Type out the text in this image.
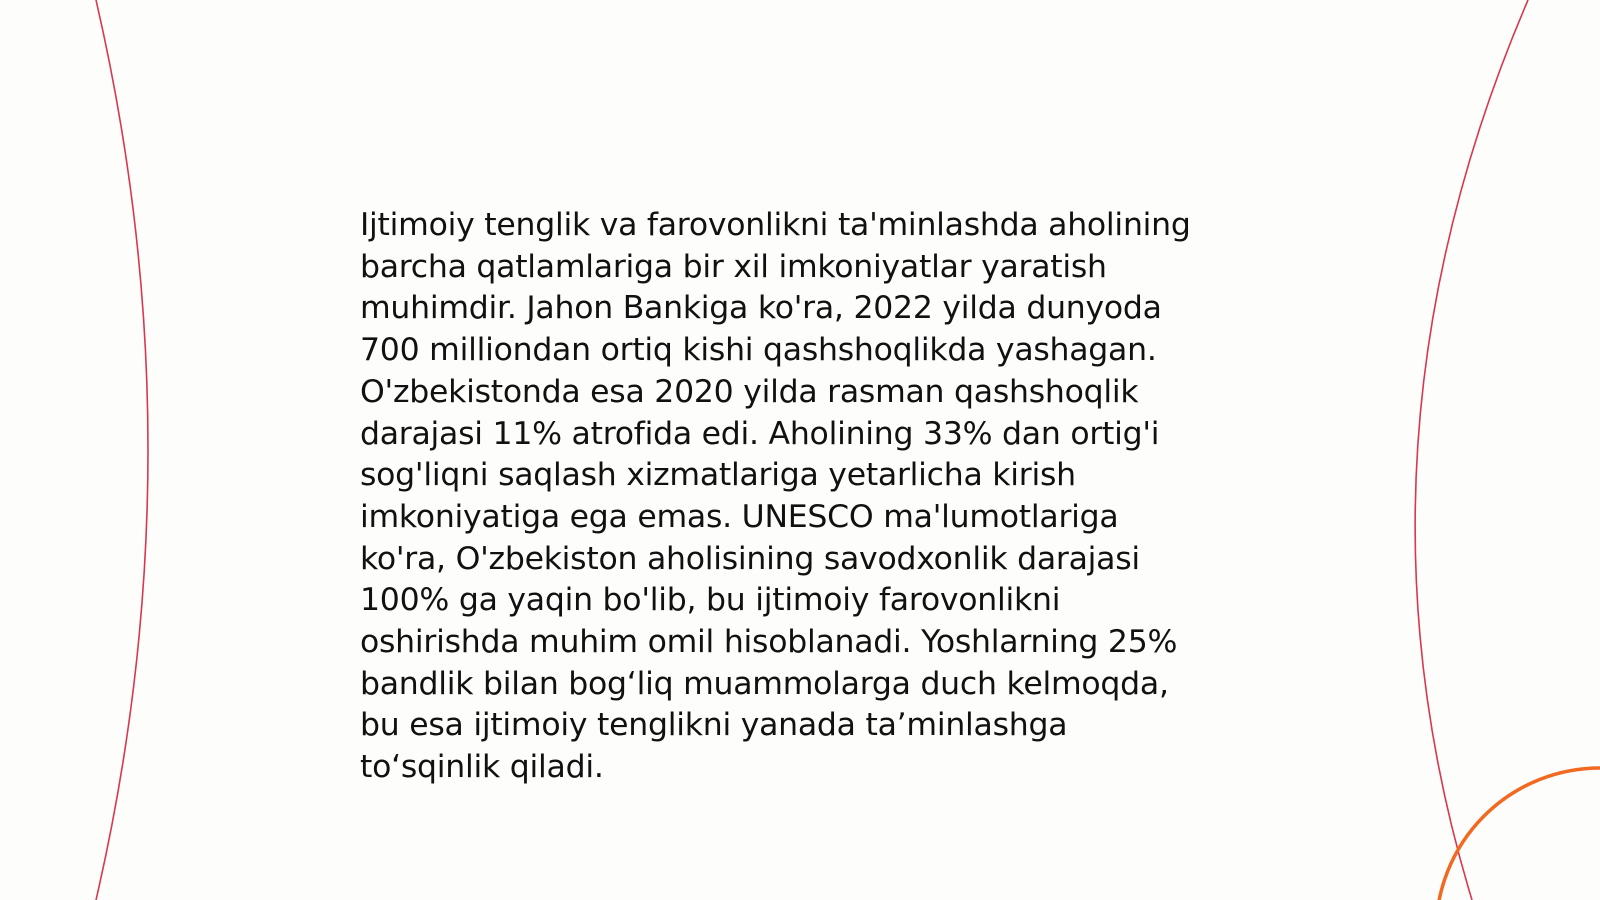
Ijtimoiy tenglik va farovonlikni ta'minlashda aholining
barcha qatlamlariga bir xil imkoniyatlar yaratish
muhimdir. Jahon Bankiga ko'ra, 2022 yilda dunyoda
700 milliondan ortiq kishi qashshoqlikda yashagan.
O'zbekistonda esa 2020 yilda rasman qashshoqlik
darajasi 11% atrofida edi. Aholining 33% dan ortig'i
sog'liqni saqlash xizmatlariga yetarlicha kirish
imkoniyatiga ega emas. UNESCO ma'lumotlariga
ko'ra, O'zbekiston aholisining savodxonlik darajasi
100% ga yaqin bo'lib, bu ijtimoiy farovonlikni
oshirishda muhim omil hisoblanadi. Yoshlarning 25%
bandlik bilan bog‘liq muammolarga duch kelmoqda,
bu esa ijtimoiy tenglikni yanada ta’minlashga
to‘sqinlik qiladi.
